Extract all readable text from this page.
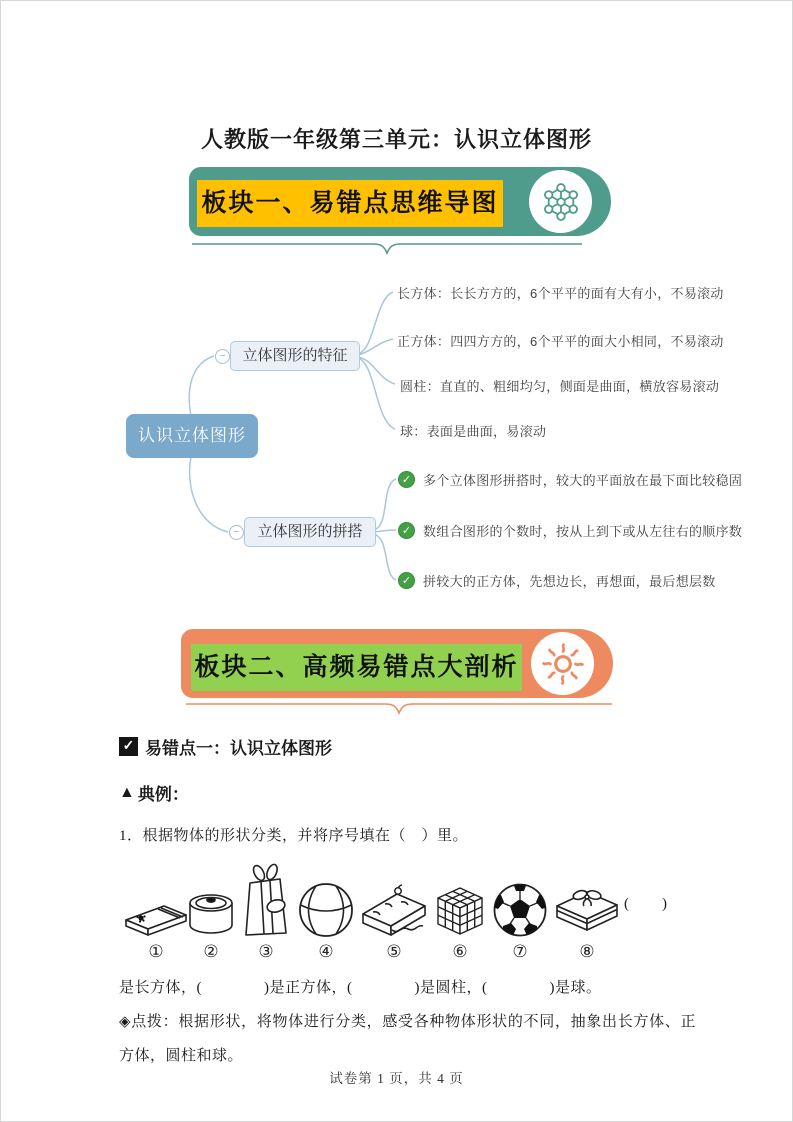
人教版一年级第三单元：认识立体图形
板块一、易错点思维导图
认识立体图形
−	立体图形的特征
−	立体图形的拼搭
长方体：长长方方的，6个平平的面有大有小，不易滚动
正方体：四四方方的，6个平平的面大小相同，不易滚动
圆柱：直直的、粗细均匀，侧面是曲面，横放容易滚动
球：表面是曲面，易滚动
✓ 多个立体图形拼搭时，较大的平面放在最下面比较稳固
✓ 数组合图形的个数时，按从上到下或从左往右的顺序数
✓ 拼较大的正方体，先想边长，再想面，最后想层数
板块二、高频易错点大剖析
✓ 易错点一：认识立体图形
▲ 典例：
1．根据物体的形状分类，并将序号填在（　）里。
① ② ③	④	⑤	⑥	⑦	⑧
(　　)
是长方体，(　　　　)是正方体，(　　　　)是圆柱，(　　　　)是球。
◈点拨：根据形状，将物体进行分类，感受各种物体形状的不同，抽象出长方体、正方体，圆柱和球。
试卷第 1 页，共 4 页
